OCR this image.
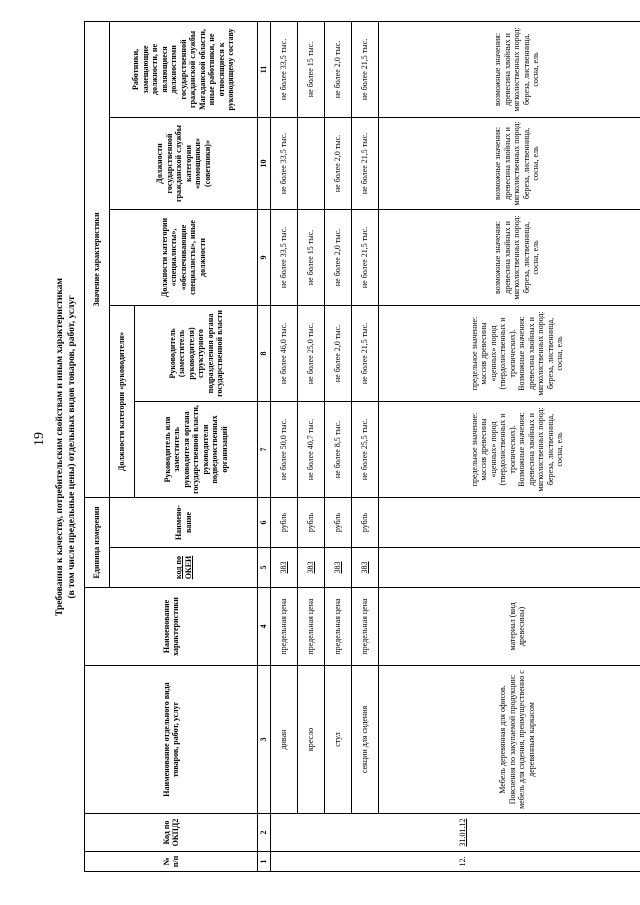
19 Требования к качеству, потребительским свойствам и иным характеристикам (в том числе предельные цены) отдельных видов товаров, работ, услуг
№ п/п	Код по ОКПД2	Наименование отдельного вида товаров, работ, услуг	Наименование характеристики	Единица измерения		Значение характеристики				
				код по ОКЕИ	Наимено-вание	Должности категории «руководители»		Должности категории «специалисты», «обеспечивающие специалисты», иные должности	Должности государственной гражданской службы категории «помощники» (советники)»	Работники, замещающие должности, не являющиеся должностями государственной гражданской службы Магаданской области, иные работники, не относящиеся к руководящему составу
						Руководитель или заместитель руководителя органа государственной власти, руководители подведомственных организаций	Руководитель (заместитель руководителя) структурного подразделения органа государственной власти			
1	2	3	4	5	6	7	8	9	10	11
12.	31.01.12	диван	предельная цена	383	рубль	не более 50,0 тыс.	не более 46,0 тыс.	не более 33,5 тыс.	не более 33,5 тыс.	не более 33,5 тыс.
		кресло	предельная цена	383	рубль	не более 40,7 тыс.	не более 25,0 тыс.	не более 15 тыс.		не более 15 тыс.
		стул	предельная цена	383	рубль	не более 8,5 тыс.	не более 2,0 тыс.	не более 2,0 тыс.	не более 2,0 тыс.	не более 2,0 тыс.
		секции для сидения	предельная цена	383	рубль	не более 25,5 тыс.	не более 21,5 тыс.	не более 21,5 тыс.	не более 21,5 тыс.	не более 21,5 тыс.
		Мебель деревянная для офисов. Пояснения по закупаемой продукции: мебель для сидения, преимущественно с деревянным каркасом	материал (вид древесины)			предельное значение: массив древесины «ценных» пород (твердолиственных и тропических). Возможные значения: древесина хвойных и мягколиственных пород: береза, лиственница, сосна, ель	предельное значение: массив древесины «ценных» пород (твердолиственных и тропических). Возможные значения: древесина хвойных и мягколиственных пород: береза, лиственница, сосна, ель	возможные значения: древесина хвойных и мягколиственных пород: береза, лиственница, сосна, ель	возможные значения: древесина хвойных и мягколиственных пород: береза, лиственница, сосна, ель	возможные значения: древесина хвойных и мягколиственных пород: береза, лиственница, сосна, ель
